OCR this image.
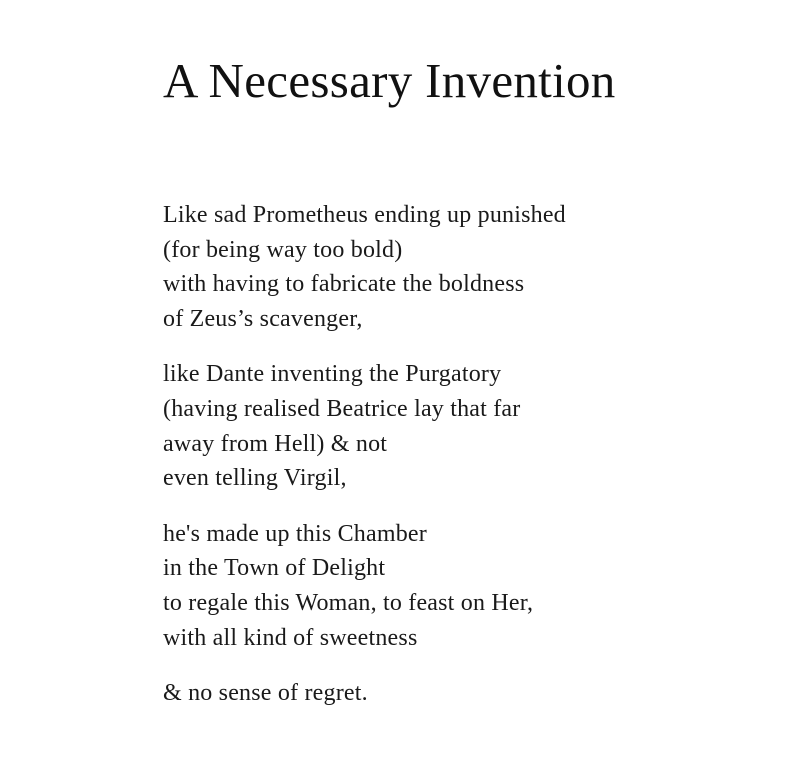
A Necessary Invention
Like sad Prometheus ending up punished
(for being way too bold)
with having to fabricate the boldness
of Zeus’s scavenger,
like Dante inventing the Purgatory
(having realised Beatrice lay that far
away from Hell) & not
even telling Virgil,
he's made up this Chamber
in the Town of Delight
to regale this Woman, to feast on Her,
with all kind of sweetness
& no sense of regret.
